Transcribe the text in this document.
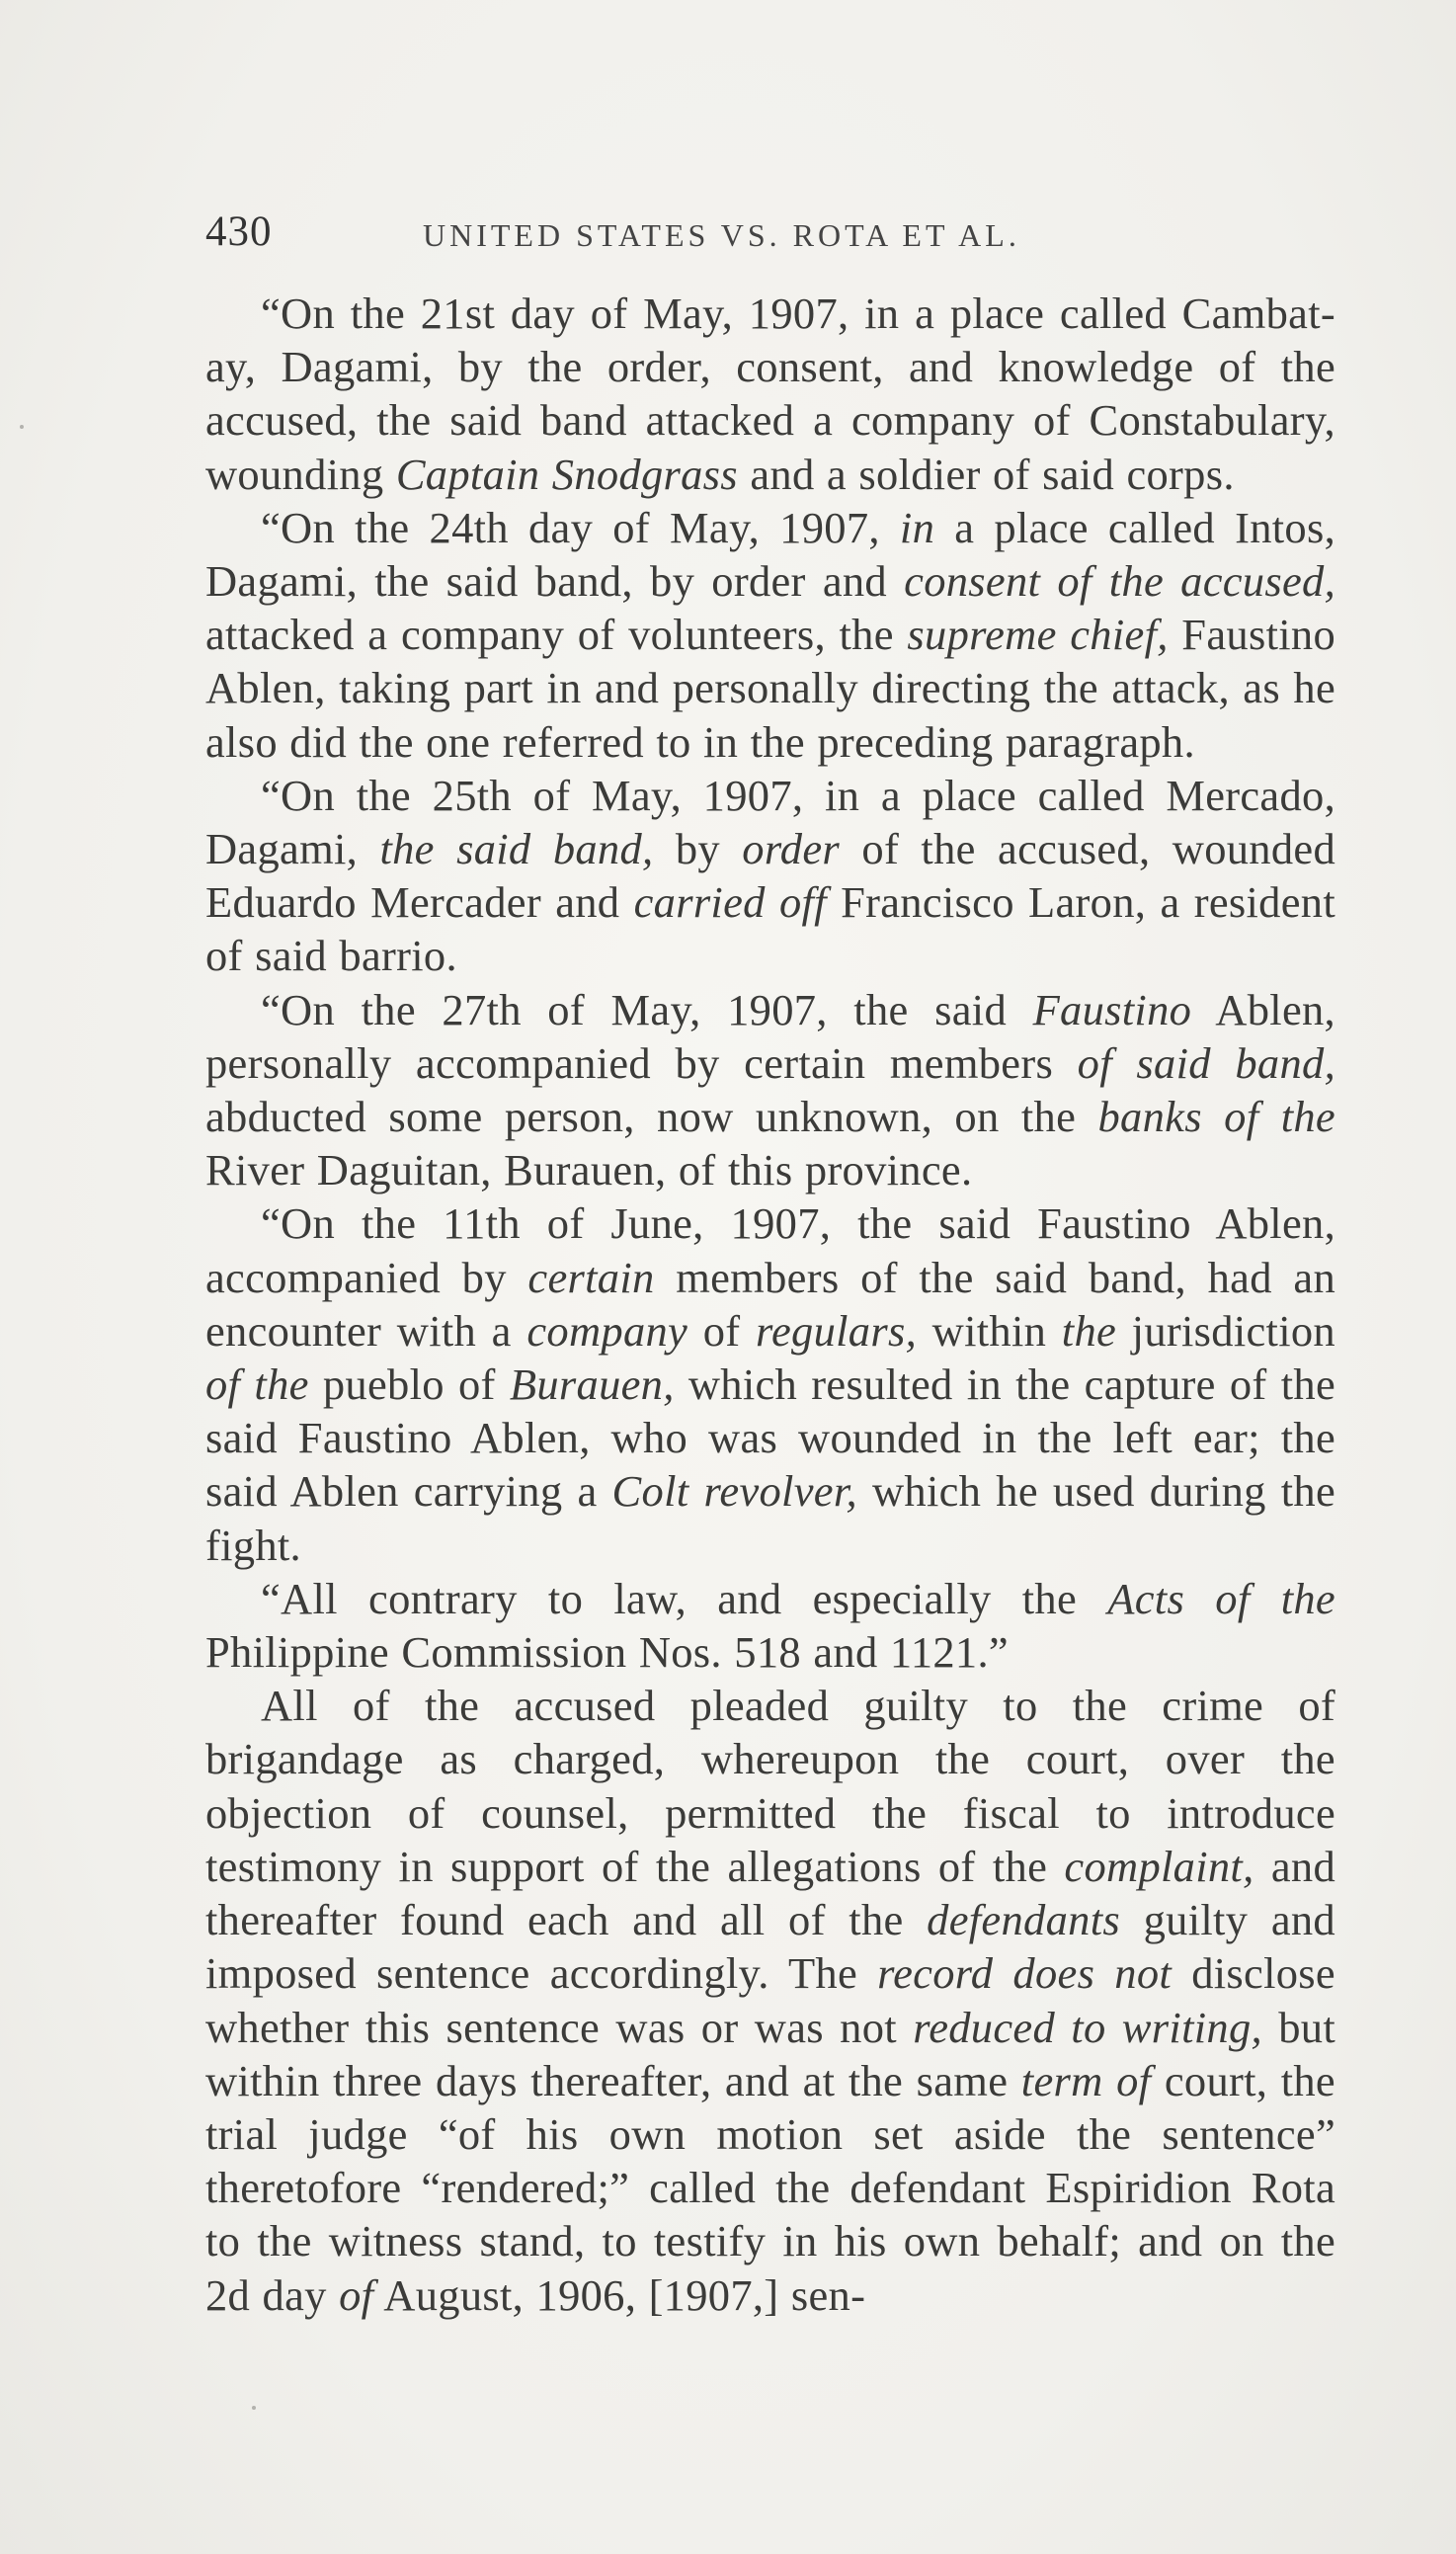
430	UNITED STATES VS. ROTA ET AL.

“On the 21st day of May, 1907, in a place called Cambat-ay, Dagami, by the order, consent, and knowledge of the accused, the said band attacked a company of Constabulary, wounding Captain Snodgrass and a soldier of said corps.

“On the 24th day of May, 1907, in a place called Intos, Dagami, the said band, by order and consent of the accused, attacked a company of volunteers, the supreme chief, Faustino Ablen, taking part in and personally directing the attack, as he also did the one referred to in the preceding paragraph.

“On the 25th of May, 1907, in a place called Mercado, Dagami, the said band, by order of the accused, wounded Eduardo Mercader and carried off Francisco Laron, a resident of said barrio.

“On the 27th of May, 1907, the said Faustino Ablen, personally accompanied by certain members of said band, abducted some person, now unknown, on the banks of the River Daguitan, Burauen, of this province.

“On the 11th of June, 1907, the said Faustino Ablen, accompanied by certain members of the said band, had an encounter with a company of regulars, within the jurisdiction of the pueblo of Burauen, which resulted in the capture of the said Faustino Ablen, who was wounded in the left ear; the said Ablen carrying a Colt revolver, which he used during the fight.

“All contrary to law, and especially the Acts of the Philippine Commission Nos. 518 and 1121.”

All of the accused pleaded guilty to the crime of brigandage as charged, whereupon the court, over the objection of counsel, permitted the fiscal to introduce testimony in support of the allegations of the complaint, and thereafter found each and all of the defendants guilty and imposed sentence accordingly. The record does not disclose whether this sentence was or was not reduced to writing, but within three days thereafter, and at the same term of court, the trial judge “of his own motion set aside the sentence” theretofore “rendered;” called the defendant Espiridion Rota to the witness stand, to testify in his own behalf; and on the 2d day of August, 1906, [1907,] sen-
